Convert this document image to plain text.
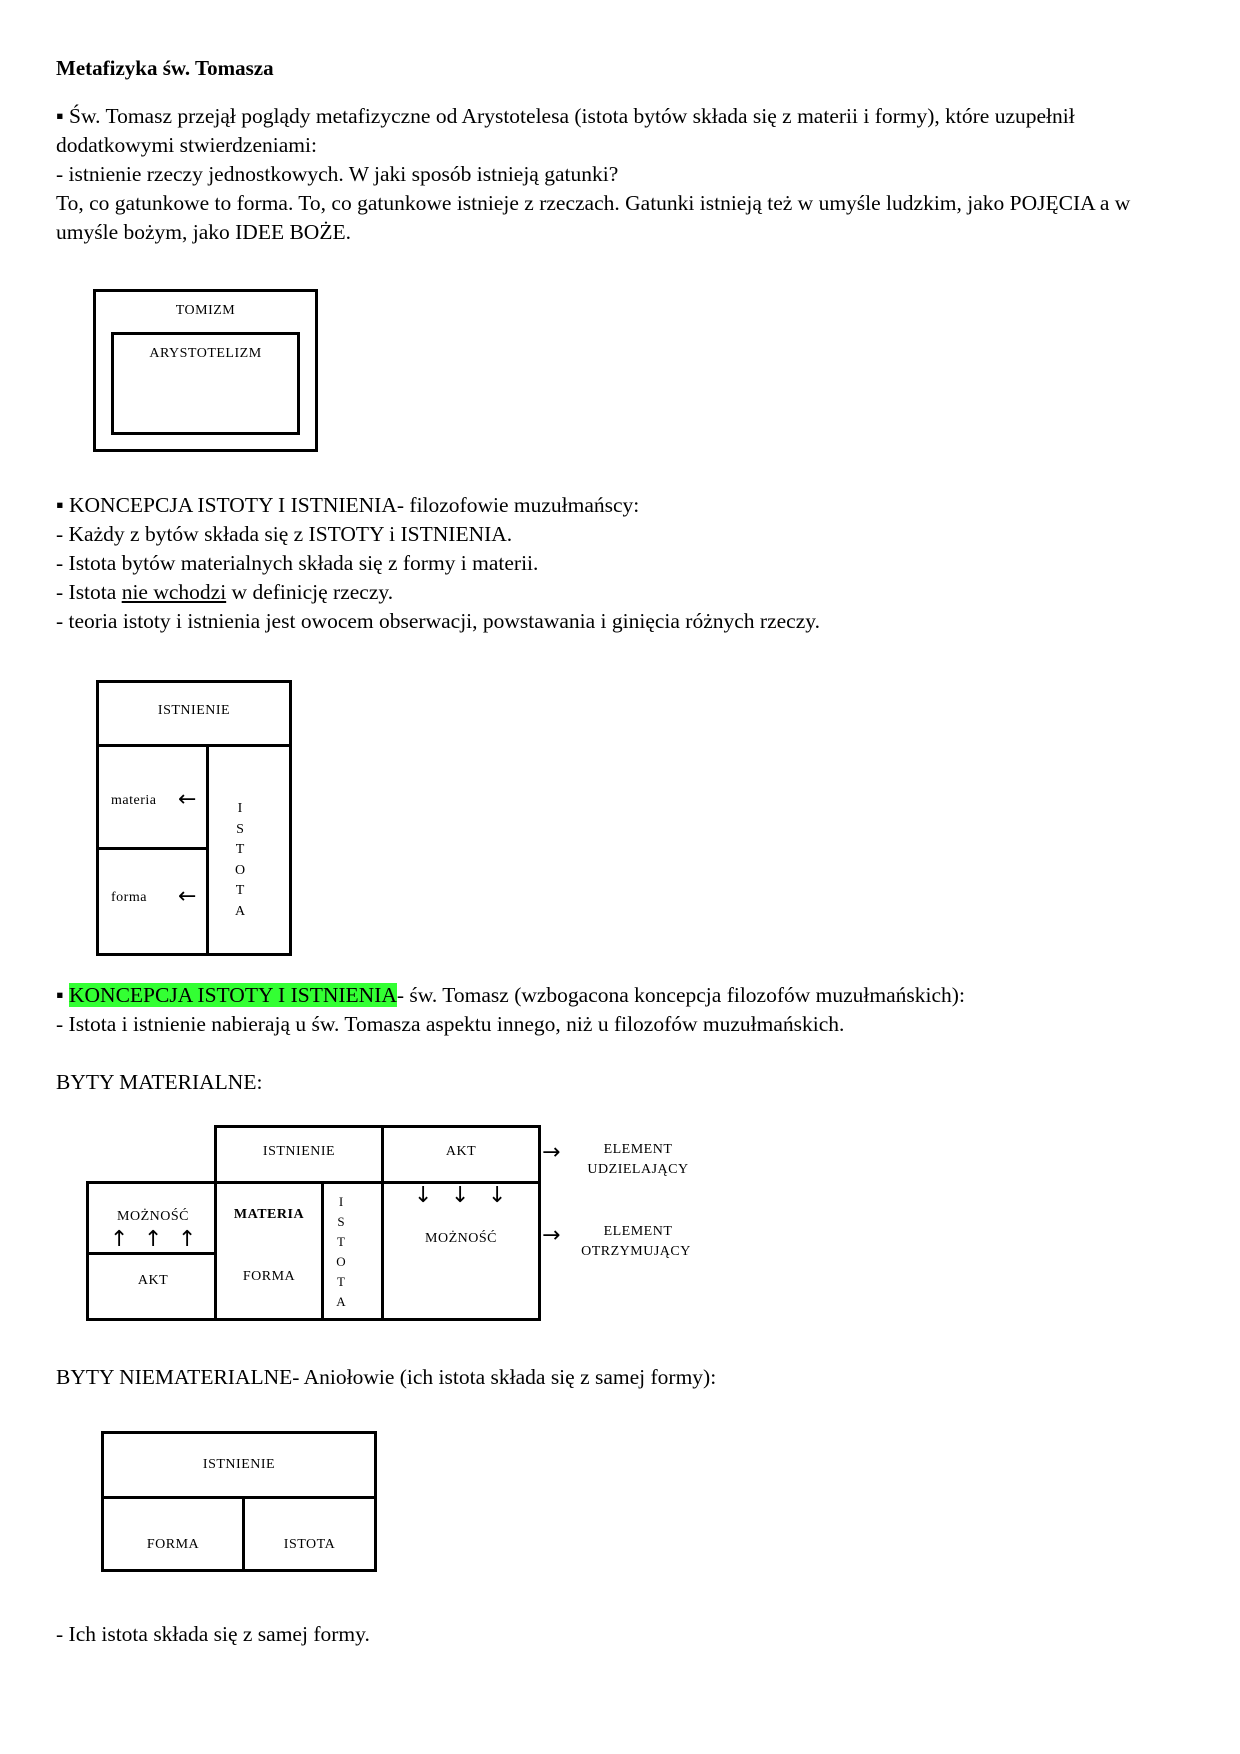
Metafizyka św. Tomasza

▪ Św. Tomasz przejął poglądy metafizyczne od Arystotelesa (istota bytów składa się z materii i formy), które uzupełnił dodatkowymi stwierdzeniami:

- istnienie rzeczy jednostkowych. W jaki sposób istnieją gatunki?

To, co gatunkowe to forma. To, co gatunkowe istnieje z rzeczach. Gatunki istnieją też w umyśle ludzkim, jako POJĘCIA a w umyśle bożym, jako IDEE BOŻE.

TOMIZM
ARYSTOTELIZM

▪ KONCEPCJA ISTOTY I ISTNIENIA- filozofowie muzułmańscy:

- Każdy z bytów składa się z ISTOTY i ISTNIENIA.

- Istota bytów materialnych składa się z formy i materii.

- Istota nie wchodzi w definicję rzeczy.

- teoria istoty i istnienia jest owocem obserwacji, powstawania i ginięcia różnych rzeczy.

ISTNIENIE
materia ←
forma ←
I
S
T
O
T
A

▪ KONCEPCJA ISTOTY I ISTNIENIA- św. Tomasz (wzbogacona koncepcja filozofów muzułmańskich):

- Istota i istnienie nabierają u św. Tomasza aspektu innego, niż u filozofów muzułmańskich.

BYTY MATERIALNE:
ISTNIENIE	AKT
MOŻNOŚĆ
↑ ↑ ↑
AKT
MATERIA
FORMA
I
S
T
O
T
A
↓ ↓ ↓
MOŻNOŚĆ
→	ELEMENT
UDZIELAJĄCY
→	ELEMENT
OTRZYMUJĄCY
BYTY NIEMATERIALNE- Aniołowie (ich istota składa się z samej formy):
ISTNIENIE
FORMA	ISTOTA
- Ich istota składa się z samej formy.
